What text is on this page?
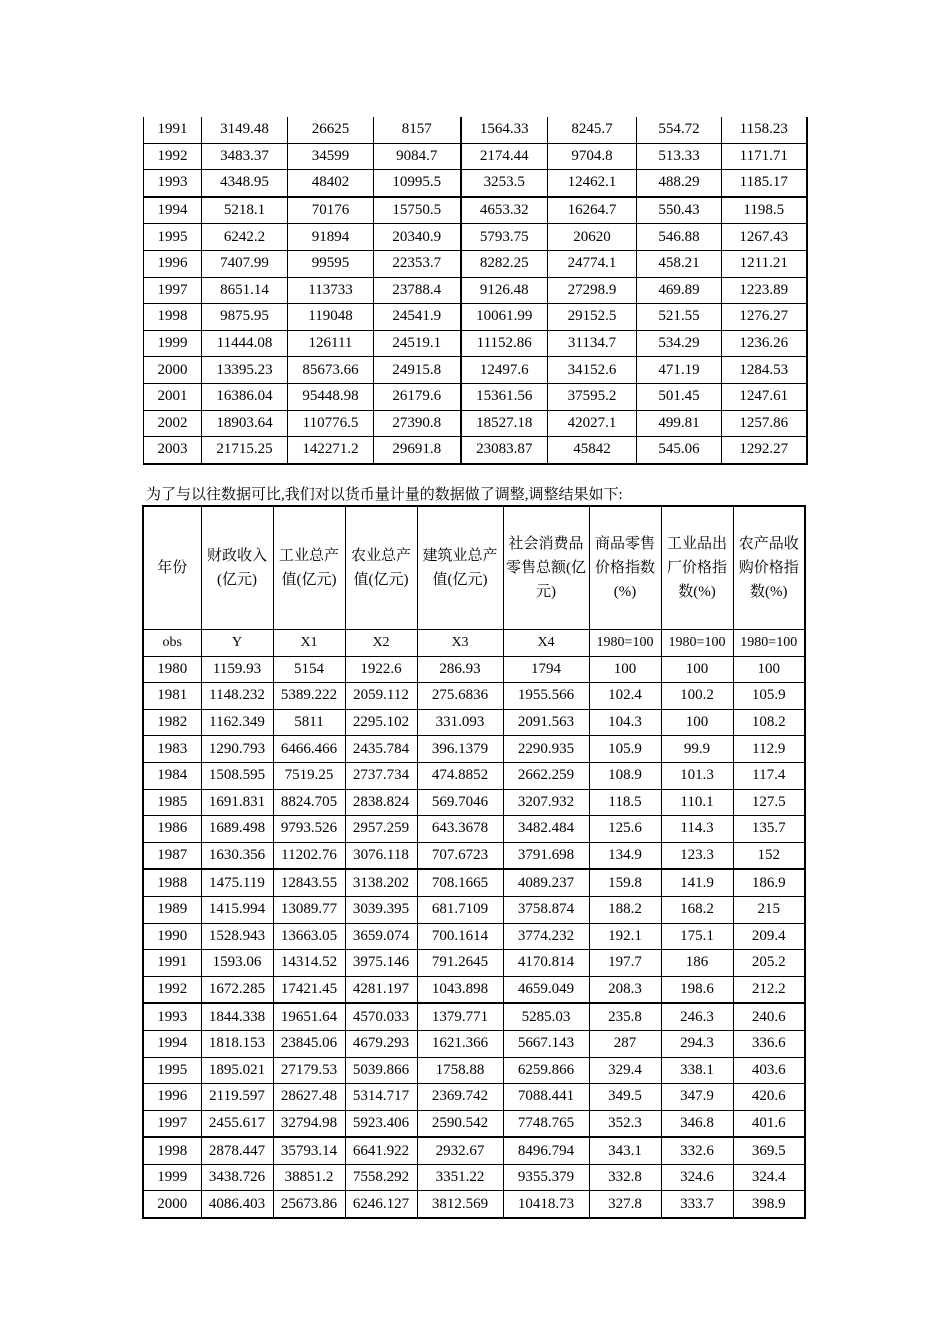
1991	3149.48	26625	8157	1564.33	8245.7	554.72	1158.23
1992	3483.37	34599	9084.7	2174.44	9704.8	513.33	1171.71
1993	4348.95	48402	10995.5	3253.5	12462.1	488.29	1185.17
1994	5218.1	70176	15750.5	4653.32	16264.7	550.43	1198.5
1995	6242.2	91894	20340.9	5793.75	20620	546.88	1267.43
1996	7407.99	99595	22353.7	8282.25	24774.1	458.21	1211.21
1997	8651.14	113733	23788.4	9126.48	27298.9	469.89	1223.89
1998	9875.95	119048	24541.9	10061.99	29152.5	521.55	1276.27
1999	11444.08	126111	24519.1	11152.86	31134.7	534.29	1236.26
2000	13395.23	85673.66	24915.8	12497.6	34152.6	471.19	1284.53
2001	16386.04	95448.98	26179.6	15361.56	37595.2	501.45	1247.61
2002	18903.64	110776.5	27390.8	18527.18	42027.1	499.81	1257.86
2003	21715.25	142271.2	29691.8	23083.87	45842	545.06	1292.27
为了与以往数据可比,我们对以货币量计量的数据做了调整,调整结果如下:
年份	财政收入(亿元)	工业总产值(亿元)	农业总产值(亿元)	建筑业总产值(亿元)	社会消费品零售总额(亿元)	商品零售价格指数(%)	工业品出厂价格指数(%)	农产品收购价格指数(%)
obs	Y	X1	X2	X3	X4	1980=100	1980=100	1980=100
1980	1159.93	5154	1922.6	286.93	1794	100	100	100
1981	1148.232	5389.222	2059.112	275.6836	1955.566	102.4	100.2	105.9
1982	1162.349	5811	2295.102	331.093	2091.563	104.3	100	108.2
1983	1290.793	6466.466	2435.784	396.1379	2290.935	105.9	99.9	112.9
1984	1508.595	7519.25	2737.734	474.8852	2662.259	108.9	101.3	117.4
1985	1691.831	8824.705	2838.824	569.7046	3207.932	118.5	110.1	127.5
1986	1689.498	9793.526	2957.259	643.3678	3482.484	125.6	114.3	135.7
1987	1630.356	11202.76	3076.118	707.6723	3791.698	134.9	123.3	152
1988	1475.119	12843.55	3138.202	708.1665	4089.237	159.8	141.9	186.9
1989	1415.994	13089.77	3039.395	681.7109	3758.874	188.2	168.2	215
1990	1528.943	13663.05	3659.074	700.1614	3774.232	192.1	175.1	209.4
1991	1593.06	14314.52	3975.146	791.2645	4170.814	197.7	186	205.2
1992	1672.285	17421.45	4281.197	1043.898	4659.049	208.3	198.6	212.2
1993	1844.338	19651.64	4570.033	1379.771	5285.03	235.8	246.3	240.6
1994	1818.153	23845.06	4679.293	1621.366	5667.143	287	294.3	336.6
1995	1895.021	27179.53	5039.866	1758.88	6259.866	329.4	338.1	403.6
1996	2119.597	28627.48	5314.717	2369.742	7088.441	349.5	347.9	420.6
1997	2455.617	32794.98	5923.406	2590.542	7748.765	352.3	346.8	401.6
1998	2878.447	35793.14	6641.922	2932.67	8496.794	343.1	332.6	369.5
1999	3438.726	38851.2	7558.292	3351.22	9355.379	332.8	324.6	324.4
2000	4086.403	25673.86	6246.127	3812.569	10418.73	327.8	333.7	398.9
